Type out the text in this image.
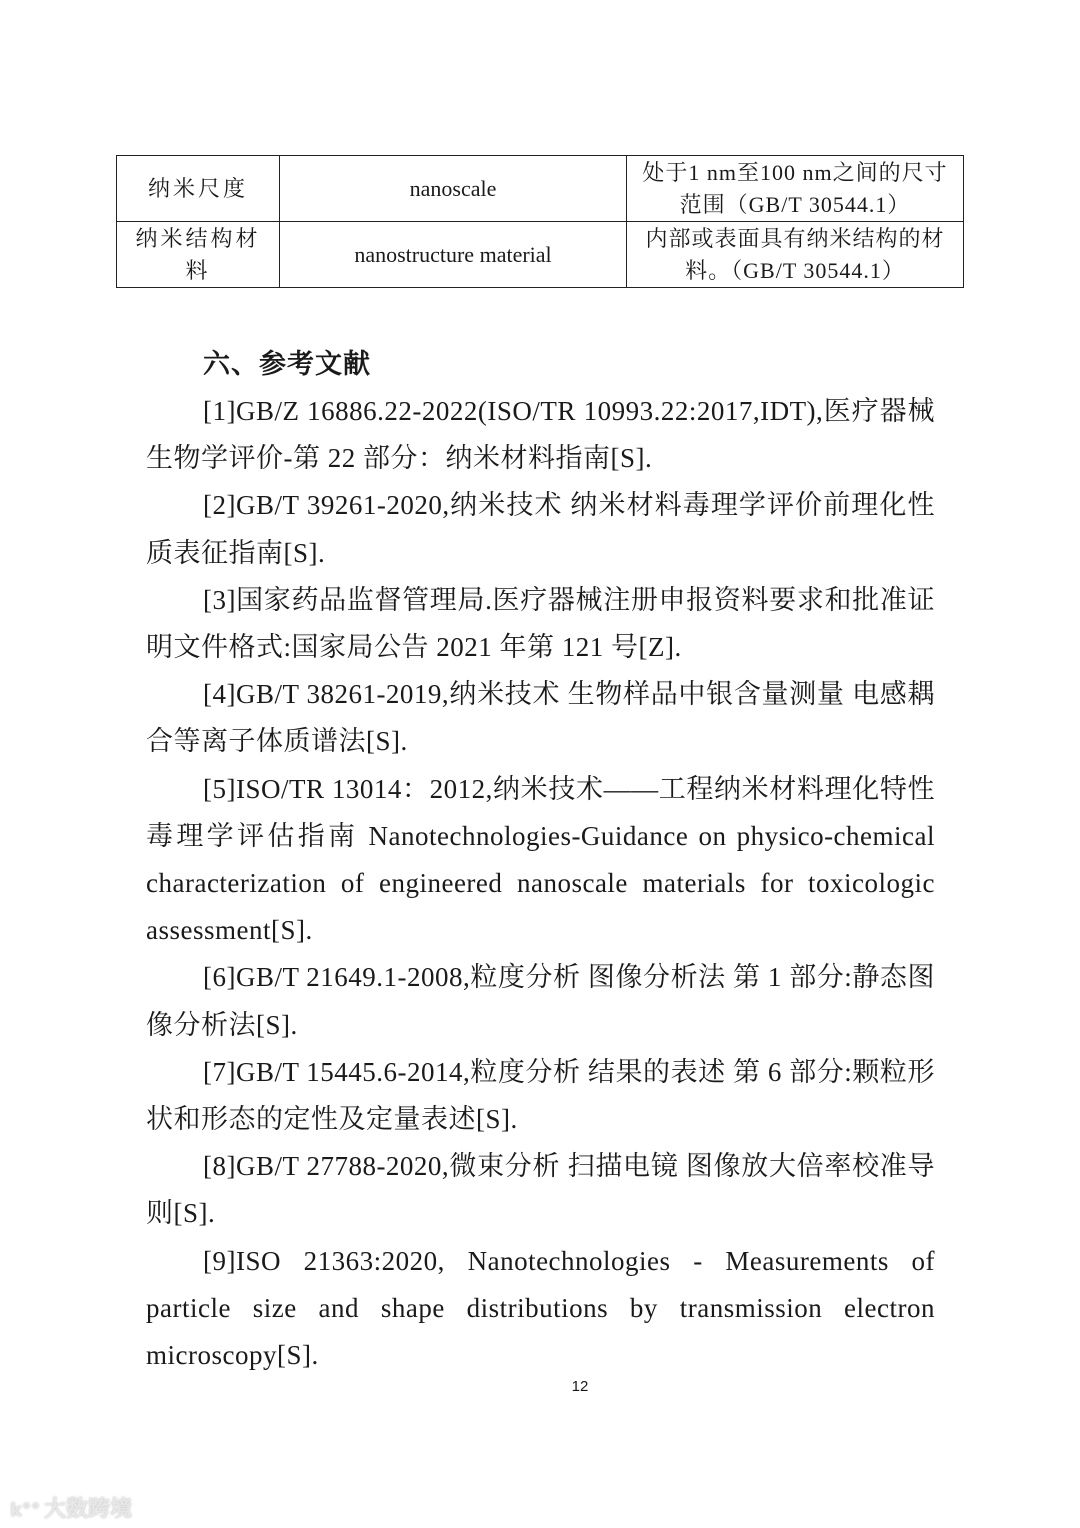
纳米尺度	nanoscale	处于1 nm至100 nm之间的尺寸范围（GB/T 30544.1）
纳米结构材料	nanostructure material	内部或表面具有纳米结构的材料。（GB/T 30544.1）
六、参考文献

[1]GB/Z 16886.22-2022(ISO/TR 10993.22:2017,IDT),医疗器械生物学评价-第 22 部分：纳米材料指南[S].

[2]GB/T 39261-2020,纳米技术 纳米材料毒理学评价前理化性质表征指南[S].

[3]国家药品监督管理局.医疗器械注册申报资料要求和批准证明文件格式:国家局公告 2021 年第 121 号[Z].

[4]GB/T 38261-2019,纳米技术 生物样品中银含量测量 电感耦合等离子体质谱法[S].

[5]ISO/TR 13014：2012,纳米技术——工程纳米材料理化特性毒理学评估指南 Nanotechnologies-Guidance on physico-chemical characterization of engineered nanoscale materials for toxicologic assessment[S].

[6]GB/T 21649.1-2008,粒度分析 图像分析法 第 1 部分:静态图像分析法[S].

[7]GB/T 15445.6-2014,粒度分析 结果的表述 第 6 部分:颗粒形状和形态的定性及定量表述[S].

[8]GB/T 27788-2020,微束分析 扫描电镜 图像放大倍率校准导则[S].

[9]ISO 21363:2020, Nanotechnologies - Measurements of particle size and shape distributions by transmission electron microscopy[S].

12
k°° 大数跨境
